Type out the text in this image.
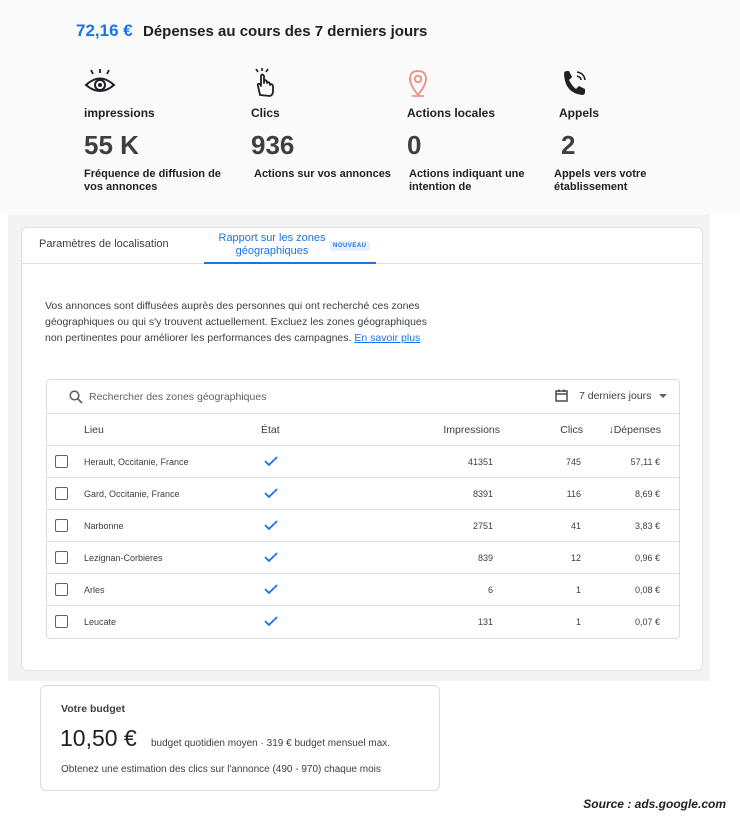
72,16 € Dépenses au cours des 7 derniers jours
impressions
55 K
Fréquence de diffusion de vos annonces
Clics
936
Actions sur vos annonces
Actions locales
0
Actions indiquant une intention de
Appels
2
Appels vers votre établissement
Paramètres de localisation	Rapport sur les zones géographiques	NOUVEAU
Vos annonces sont diffusées auprès des personnes qui ont recherché ces zones géographiques ou qui s'y trouvent actuellement. Excluez les zones géographiques non pertinentes pour améliorer les performances des campagnes. En savoir plus
Rechercher des zones géographiques
7 derniers jours
Lieu	État	Impressions	Clics ↓Dépenses
Herault, Occitanie, France	41351	745	57,11 €
Gard, Occitanie, France	8391	116	8,69 €
Narbonne	2751	41	3,83 €
Lezignan-Corbieres	839	12	0,96 €
Arles	6	1	0,08 €
Leucate	131	1	0,07 €
Votre budget
10,50 € budget quotidien moyen · 319 € budget mensuel max.
Obtenez une estimation des clics sur l'annonce (490 - 970) chaque mois
Source : ads.google.com
